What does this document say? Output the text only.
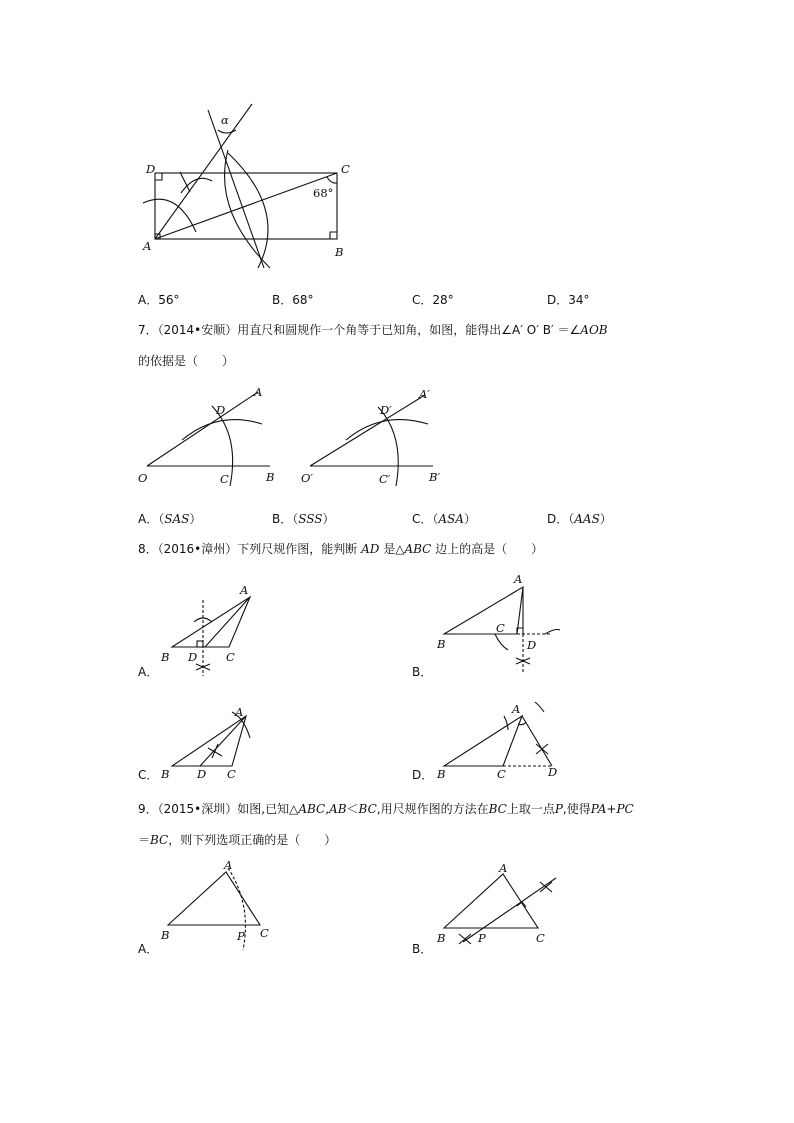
α
D	C
A	B
68°
A．56°	B．68°	C．28°	D．34°
7．（2014•安顺）用直尺和圆规作一个角等于已知角，如图，能得出∠A′ O′ B′ ＝∠AOB
的依据是（　　）
O	C	B
D
A
O′	C′	B′
D′
A′
A．（SAS）	B．（SSS）	C．（ASA）	D．（AAS）
8．（2016•漳州）下列尺规作图，能判断 AD 是△ABC 边上的高是（　　）
A
B D	C
A．
A
B
C
D
B．
A
B D C
C．
A
B	C	D
D．
9．（2015•深圳）如图,已知△ABC,AB＜BC,用尺规作图的方法在BC上取一点P,使得PA+PC
＝BC，则下列选项正确的是（　　）
A
B	P C
A．
A
B	P	C
B．
